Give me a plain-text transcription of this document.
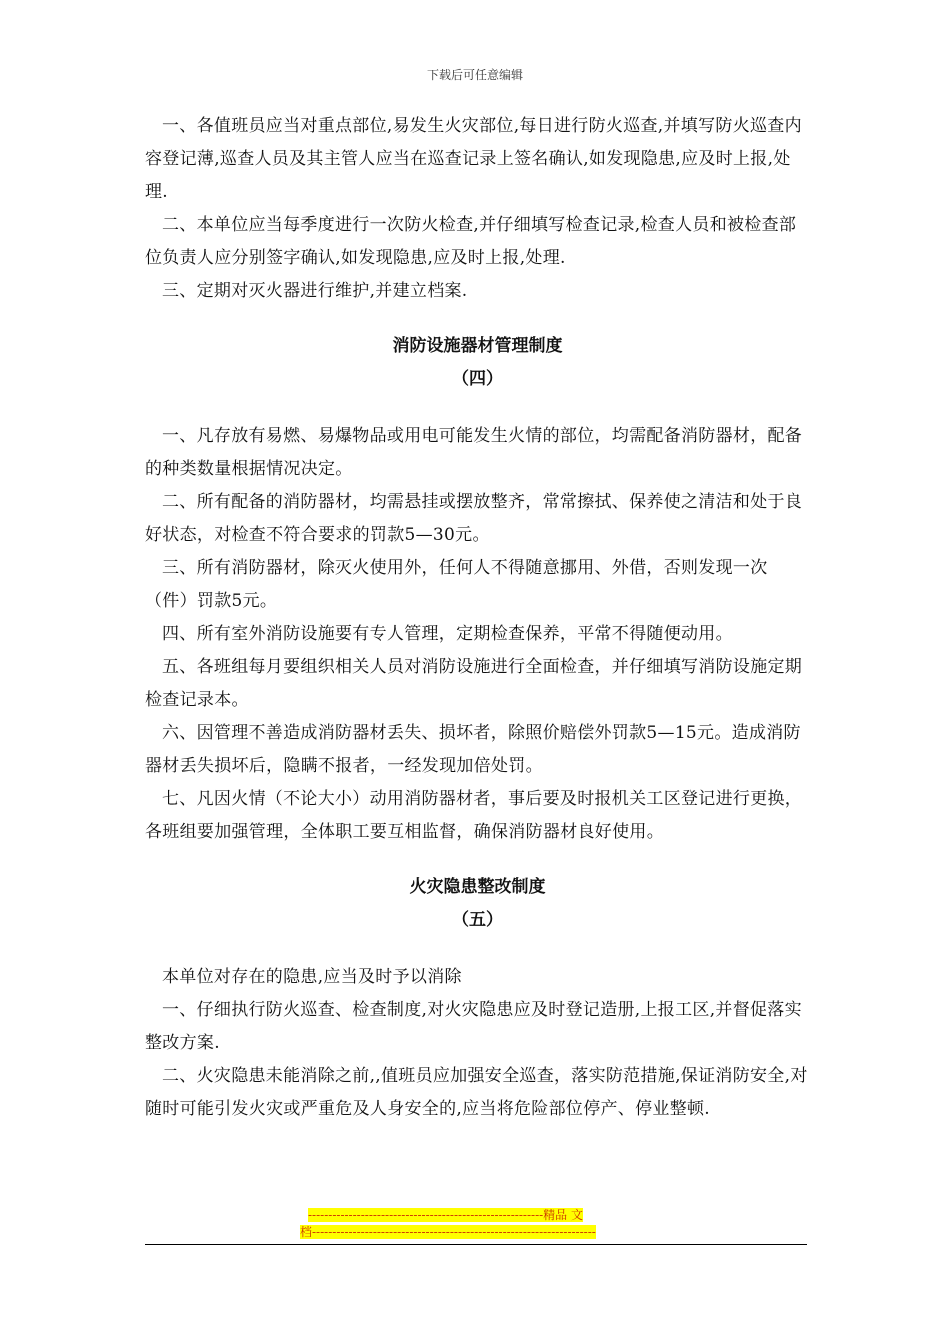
下载后可任意编辑

一、各值班员应当对重点部位,易发生火灾部位,每日进行防火巡查,并填写防火巡查内容登记薄,巡查人员及其主管人应当在巡查记录上签名确认,如发现隐患,应及时上报,处理.

二、本单位应当每季度进行一次防火检查,并仔细填写检查记录,检查人员和被检查部位负责人应分别签字确认,如发现隐患,应及时上报,处理.

三、定期对灭火器进行维护,并建立档案.

消防设施器材管理制度

（四）

一、凡存放有易燃、易爆物品或用电可能发生火情的部位，均需配备消防器材，配备的种类数量根据情况决定。

二、所有配备的消防器材，均需悬挂或摆放整齐，常常擦拭、保养使之清洁和处于良好状态，对检查不符合要求的罚款5—30元。

三、所有消防器材，除灭火使用外，任何人不得随意挪用、外借，否则发现一次（件）罚款5元。

四、所有室外消防设施要有专人管理，定期检查保养，平常不得随便动用。

五、各班组每月要组织相关人员对消防设施进行全面检查，并仔细填写消防设施定期检查记录本。

六、因管理不善造成消防器材丢失、损坏者，除照价赔偿外罚款5—15元。造成消防器材丢失损坏后，隐瞒不报者，一经发现加倍处罚。

七、凡因火情（不论大小）动用消防器材者，事后要及时报机关工区登记进行更换，各班组要加强管理，全体职工要互相监督，确保消防器材良好使用。

火灾隐患整改制度

（五）

本单位对存在的隐患,应当及时予以消除

一、仔细执行防火巡查、检查制度,对火灾隐患应及时登记造册,上报工区,并督促落实整改方案.

二、火灾隐患未能消除之前,,值班员应加强安全巡查，落实防范措施,保证消防安全,对随时可能引发火灾或严重危及人身安全的,应当将危险部位停产、停业整顿.

----------------------------------------------------------精品 文
档----------------------------------------------------------------------
